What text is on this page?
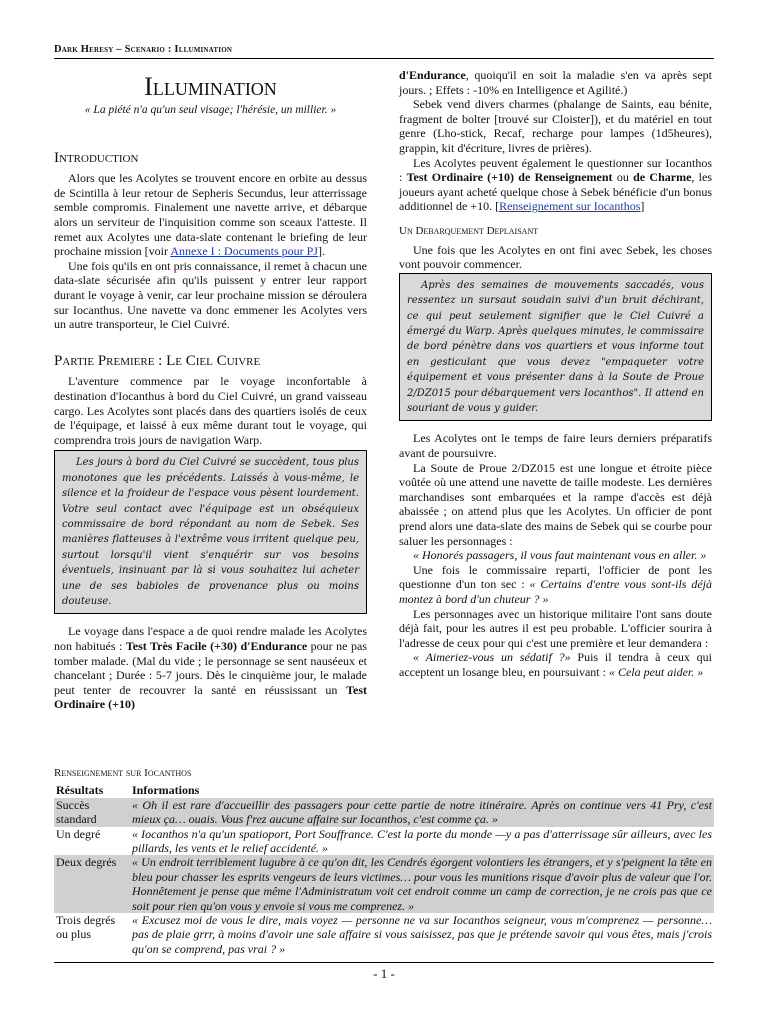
Dark Heresy – Scenario : Illumination
Illumination
« La piété n'a qu'un seul visage; l'hérésie, un millier. »
Introduction

Alors que les Acolytes se trouvent encore en orbite au dessus de Scintilla à leur retour de Sepheris Secundus, leur atterrissage semble compromis. Finalement une navette arrive, et débarque alors un serviteur de l'inquisition comme son sceaux l'atteste. Il remet aux Acolytes une data-slate contenant le briefing de leur prochaine mission [voir Annexe I : Documents pour PJ].

Une fois qu'ils en ont pris connaissance, il remet à chacun une data-slate sécurisée afin qu'ils puissent y entrer leur rapport durant le voyage à venir, car leur prochaine mission se déroulera sur Iocanthus. Une navette va donc emmener les Acolytes vers un autre transporteur, le Ciel Cuivré.

Partie Premiere : Le Ciel Cuivre

L'aventure commence par le voyage inconfortable à destination d'Iocanthus à bord du Ciel Cuivré, un grand vaisseau cargo. Les Acolytes sont placés dans des quartiers isolés de ceux de l'équipage, et laissé à eux même durant tout le voyage, qui comprendra trois jours de navigation Warp.

Les jours à bord du Ciel Cuivré se succèdent, tous plus monotones que les précédents. Laissés à vous-même, le silence et la froideur de l'espace vous pèsent lourdement. Votre seul contact avec l'équipage est un obséquieux commissaire de bord répondant au nom de Sebek. Ses manières flatteuses à l'extrême vous irritent quelque peu, surtout lorsqu'il vient s'enquérir sur vos besoins éventuels, insinuant par là si vous souhaitez lui acheter une de ses babioles de provenance plus ou moins douteuse.

Le voyage dans l'espace a de quoi rendre malade les Acolytes non habitués : Test Très Facile (+30) d'Endurance pour ne pas tomber malade. (Mal du vide ; le personnage se sent nauséeux et chancelant ; Durée : 5-7 jours. Dès le cinquième jour, le malade peut tenter de recouvrer la santé en réussissant un Test Ordinaire (+10)

d'Endurance, quoiqu'il en soit la maladie s'en va après sept jours. ; Effets : -10% en Intelligence et Agilité.)

Sebek vend divers charmes (phalange de Saints, eau bénite, fragment de bolter [trouvé sur Cloister]), et du matériel en tout genre (Lho-stick, Recaf, recharge pour lampes (1d5heures), grappin, kit d'écriture, livres de prières).

Les Acolytes peuvent également le questionner sur Iocanthos : Test Ordinaire (+10) de Renseignement ou de Charme, les joueurs ayant acheté quelque chose à Sebek bénéficie d'un bonus additionnel de +10. [Renseignement sur Iocanthos]

Un Debarquement Deplaisant

Une fois que les Acolytes en ont fini avec Sebek, les choses vont pouvoir commencer.

Après des semaines de mouvements saccadés, vous ressentez un sursaut soudain suivi d'un bruit déchirant, ce qui peut seulement signifier que le Ciel Cuivré a émergé du Warp. Après quelques minutes, le commissaire de bord pénètre dans vos quartiers et vous informe tout en gesticulant que vous devez "empaqueter votre équipement et vous présenter dans à la Soute de Proue 2/DZ015 pour débarquement vers Iocanthos". Il attend en souriant de vous y guider.

Les Acolytes ont le temps de faire leurs derniers préparatifs avant de poursuivre.

La Soute de Proue 2/DZ015 est une longue et étroite pièce voûtée où une attend une navette de taille modeste. Les dernières marchandises sont embarquées et la rampe d'accès est déjà abaissée ; on attend plus que les Acolytes. Un officier de pont prend alors une data-slate des mains de Sebek qui se courbe pour saluer les personnages :

« Honorés passagers, il vous faut maintenant vous en aller. »

Une fois le commissaire reparti, l'officier de pont les questionne d'un ton sec : « Certains d'entre vous sont-ils déjà montez à bord d'un chuteur ? »

Les personnages avec un historique militaire l'ont sans doute déjà fait, pour les autres il est peu probable. L'officier sourira à l'adresse de ceux pour qui c'est une première et leur demandera :

« Aimeriez-vous un sédatif ?» Puis il tendra à ceux qui acceptent un losange bleu, en poursuivant : « Cela peut aider. »

Renseignement sur Iocanthos
Résultats	Informations
Succès standard	« Oh il est rare d'accueillir des passagers pour cette partie de notre itinéraire. Après on continue vers 41 Pry, c'est mieux ça… ouais. Vous f'rez aucune affaire sur Iocanthos, c'est comme ça. »
Un degré	« Iocanthos n'a qu'un spatioport, Port Souffrance. C'est la porte du monde —y a pas d'atterrissage sûr ailleurs, avec les pillards, les vents et le relief accidenté. »
Deux degrés	« Un endroit terriblement lugubre à ce qu'on dit, les Cendrés égorgent volontiers les étrangers, et y s'peignent la tête en bleu pour chasser les esprits vengeurs de leurs victimes… pour vous les munitions risque d'avoir plus de valeur que l'or. Honnêtement je pense que même l'Administratum voit cet endroit comme un camp de correction, je ne crois pas que ce soit pour rien qu'on vous y envoie si vous me comprenez. »
Trois degrés ou plus	« Excusez moi de vous le dire, mais voyez — personne ne va sur Iocanthos seigneur, vous m'comprenez — personne… pas de plaie grrr, à moins d'avoir une sale affaire si vous saisissez, pas que je prétende savoir qui vous êtes, mais j'crois qu'on se comprend, pas vrai ? »
- 1 -
